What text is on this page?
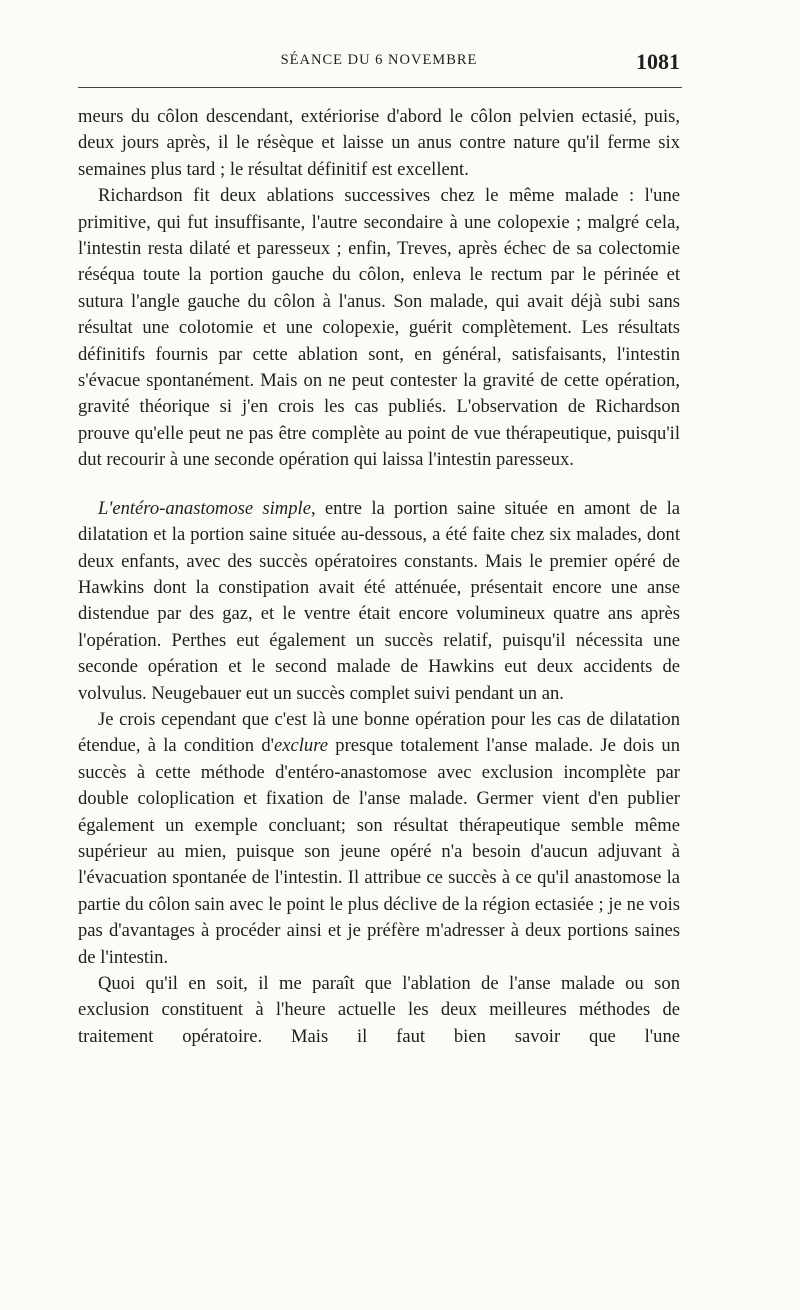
SÉANCE DU 6 NOVEMBRE	1081

meurs du côlon descendant, extériorise d'abord le côlon pelvien ectasié, puis, deux jours après, il le résèque et laisse un anus contre nature qu'il ferme six semaines plus tard ; le résultat définitif est excellent.

Richardson fit deux ablations successives chez le même malade : l'une primitive, qui fut insuffisante, l'autre secondaire à une colopexie ; malgré cela, l'intestin resta dilaté et paresseux ; enfin, Treves, après échec de sa colectomie réséqua toute la portion gauche du côlon, enleva le rectum par le périnée et sutura l'angle gauche du côlon à l'anus. Son malade, qui avait déjà subi sans résultat une colotomie et une colopexie, guérit complètement. Les résultats définitifs fournis par cette ablation sont, en général, satisfaisants, l'intestin s'évacue spontanément. Mais on ne peut contester la gravité de cette opération, gravité théorique si j'en crois les cas publiés. L'observation de Richardson prouve qu'elle peut ne pas être complète au point de vue thérapeutique, puisqu'il dut recourir à une seconde opération qui laissa l'intestin paresseux.

L'entéro-anastomose simple, entre la portion saine située en amont de la dilatation et la portion saine située au-dessous, a été faite chez six malades, dont deux enfants, avec des succès opératoires constants. Mais le premier opéré de Hawkins dont la constipation avait été atténuée, présentait encore une anse distendue par des gaz, et le ventre était encore volumineux quatre ans après l'opération. Perthes eut également un succès relatif, puisqu'il nécessita une seconde opération et le second malade de Hawkins eut deux accidents de volvulus. Neugebauer eut un succès complet suivi pendant un an.

Je crois cependant que c'est là une bonne opération pour les cas de dilatation étendue, à la condition d'exclure presque totalement l'anse malade. Je dois un succès à cette méthode d'entéro-anastomose avec exclusion incomplète par double coloplication et fixation de l'anse malade. Germer vient d'en publier également un exemple concluant; son résultat thérapeutique semble même supérieur au mien, puisque son jeune opéré n'a besoin d'aucun adjuvant à l'évacuation spontanée de l'intestin. Il attribue ce succès à ce qu'il anastomose la partie du côlon sain avec le point le plus déclive de la région ectasiée ; je ne vois pas d'avantages à procéder ainsi et je préfère m'adresser à deux portions saines de l'intestin.

Quoi qu'il en soit, il me paraît que l'ablation de l'anse malade ou son exclusion constituent à l'heure actuelle les deux meilleures méthodes de traitement opératoire. Mais il faut bien savoir que l'une
